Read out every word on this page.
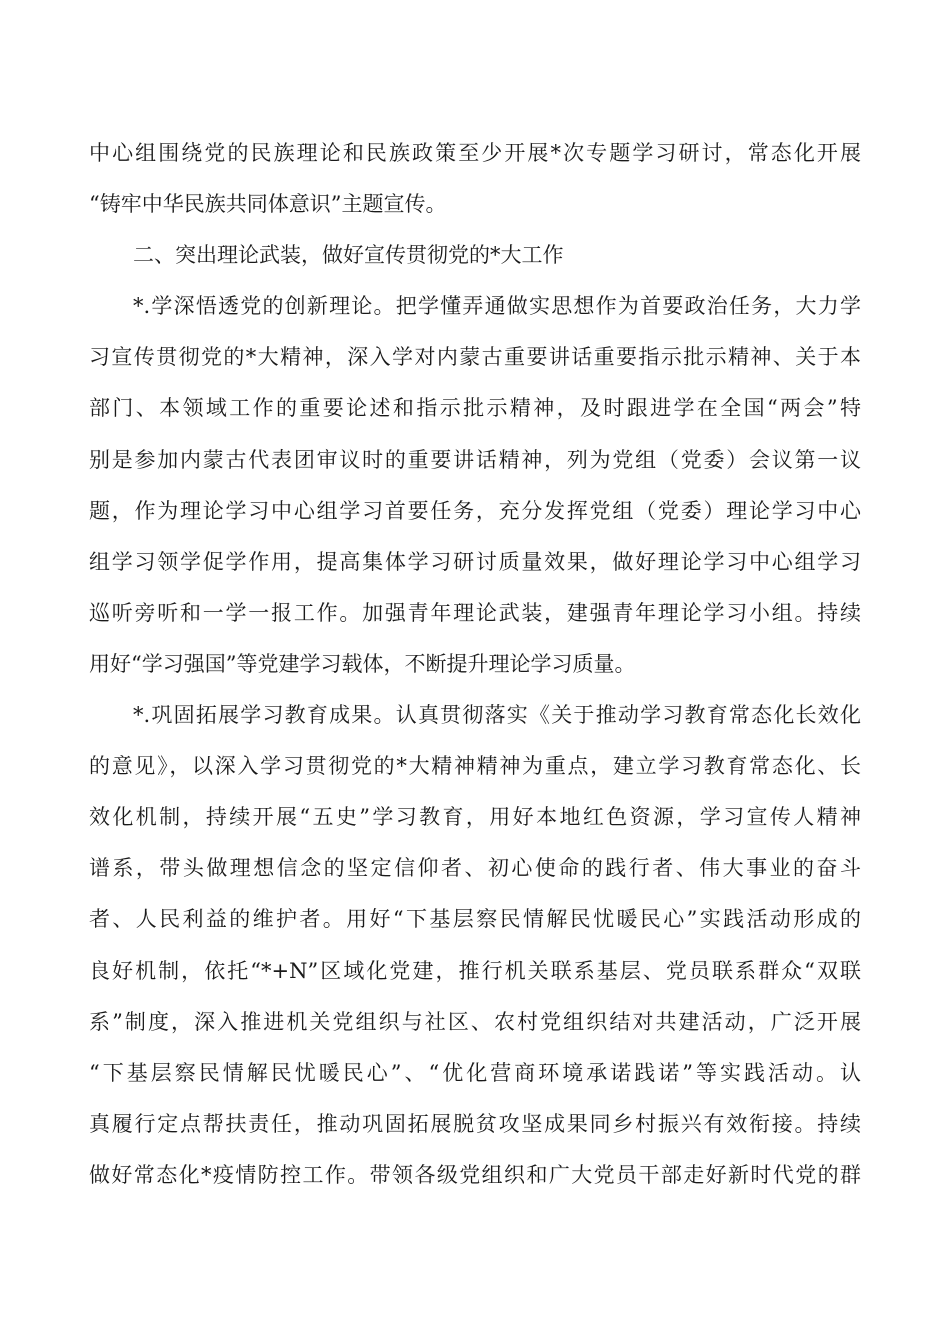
中心组围绕党的民族理论和民族政策至少开展*次专题学习研讨，常态化开展
“铸牢中华民族共同体意识”主题宣传。
二、突出理论武装，做好宣传贯彻党的*大工作
*.学深悟透党的创新理论。把学懂弄通做实思想作为首要政治任务，大力学
习宣传贯彻党的*大精神，深入学对内蒙古重要讲话重要指示批示精神、关于本
部门、本领域工作的重要论述和指示批示精神，及时跟进学在全国“两会”特
别是参加内蒙古代表团审议时的重要讲话精神，列为党组（党委）会议第一议
题，作为理论学习中心组学习首要任务，充分发挥党组（党委）理论学习中心
组学习领学促学作用，提高集体学习研讨质量效果，做好理论学习中心组学习
巡听旁听和一学一报工作。加强青年理论武装，建强青年理论学习小组。持续
用好“学习强国”等党建学习载体，不断提升理论学习质量。
*.巩固拓展学习教育成果。认真贯彻落实《关于推动学习教育常态化长效化
的意见》，以深入学习贯彻党的*大精神精神为重点，建立学习教育常态化、长
效化机制，持续开展“五史”学习教育，用好本地红色资源，学习宣传人精神
谱系，带头做理想信念的坚定信仰者、初心使命的践行者、伟大事业的奋斗
者、人民利益的维护者。用好“下基层察民情解民忧暖民心”实践活动形成的
良好机制，依托“*+N”区域化党建，推行机关联系基层、党员联系群众“双联
系”制度，深入推进机关党组织与社区、农村党组织结对共建活动，广泛开展
“下基层察民情解民忧暖民心”、“优化营商环境承诺践诺”等实践活动。认
真履行定点帮扶责任，推动巩固拓展脱贫攻坚成果同乡村振兴有效衔接。持续
做好常态化*疫情防控工作。带领各级党组织和广大党员干部走好新时代党的群
